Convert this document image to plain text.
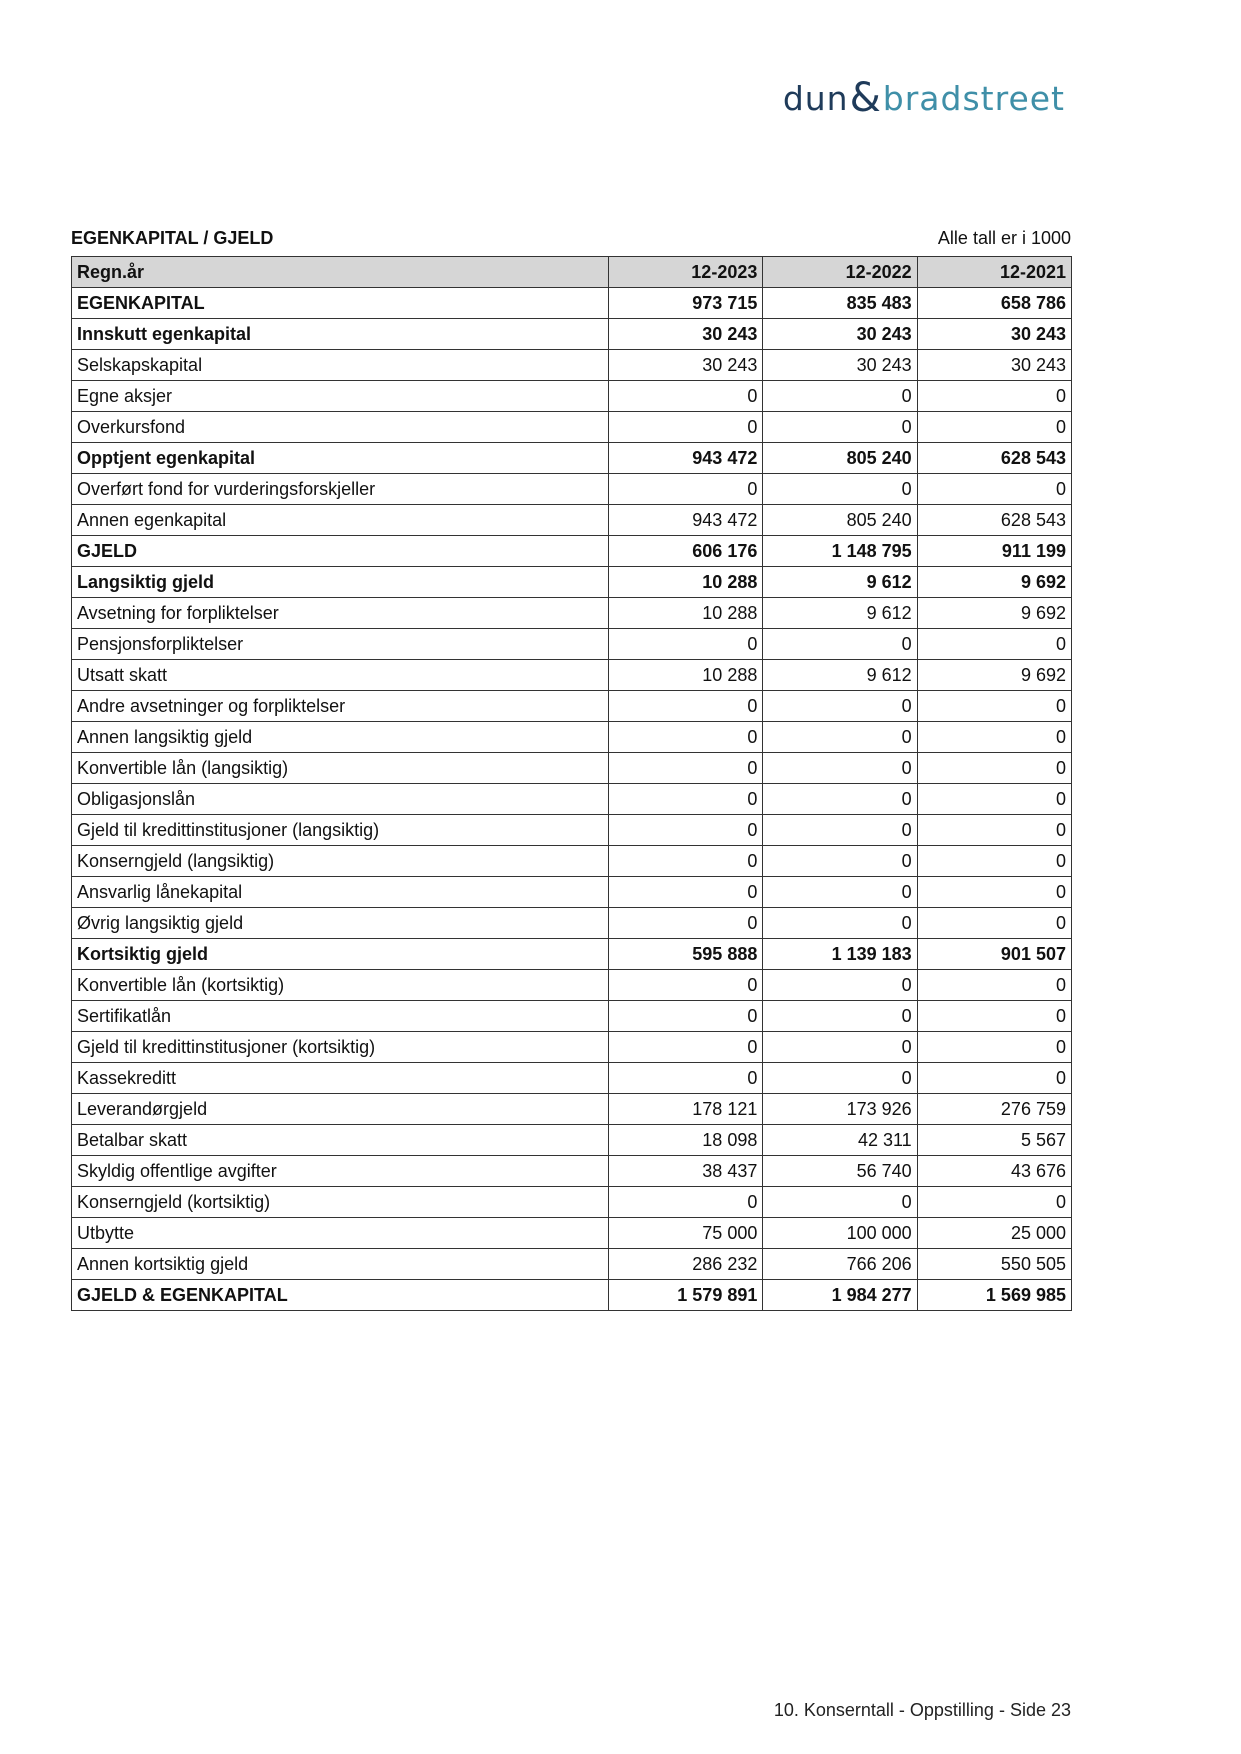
dun & bradstreet
EGENKAPITAL / GJELD	Alle tall er i 1000
Regn.år	12-2023	12-2022	12-2021
EGENKAPITAL	973 715	835 483	658 786
Innskutt egenkapital	30 243	30 243	30 243
Selskapskapital	30 243	30 243	30 243
Egne aksjer	0	0	0
Overkursfond	0	0	0
Opptjent egenkapital	943 472	805 240	628 543
Overført fond for vurderingsforskjeller	0	0	0
Annen egenkapital	943 472	805 240	628 543
GJELD	606 176	1 148 795	911 199
Langsiktig gjeld	10 288	9 612	9 692
Avsetning for forpliktelser	10 288	9 612	9 692
Pensjonsforpliktelser	0	0	0
Utsatt skatt	10 288	9 612	9 692
Andre avsetninger og forpliktelser	0	0	0
Annen langsiktig gjeld	0	0	0
Konvertible lån (langsiktig)	0	0	0
Obligasjonslån	0	0	0
Gjeld til kredittinstitusjoner (langsiktig)	0	0	0
Konserngjeld (langsiktig)	0	0	0
Ansvarlig lånekapital	0	0	0
Øvrig langsiktig gjeld	0	0	0
Kortsiktig gjeld	595 888	1 139 183	901 507
Konvertible lån (kortsiktig)	0	0	0
Sertifikatlån	0	0	0
Gjeld til kredittinstitusjoner (kortsiktig)	0	0	0
Kassekreditt	0	0	0
Leverandørgjeld	178 121	173 926	276 759
Betalbar skatt	18 098	42 311	5 567
Skyldig offentlige avgifter	38 437	56 740	43 676
Konserngjeld (kortsiktig)	0	0	0
Utbytte	75 000	100 000	25 000
Annen kortsiktig gjeld	286 232	766 206	550 505
GJELD & EGENKAPITAL	1 579 891	1 984 277	1 569 985
10. Konserntall - Oppstilling - Side 23
